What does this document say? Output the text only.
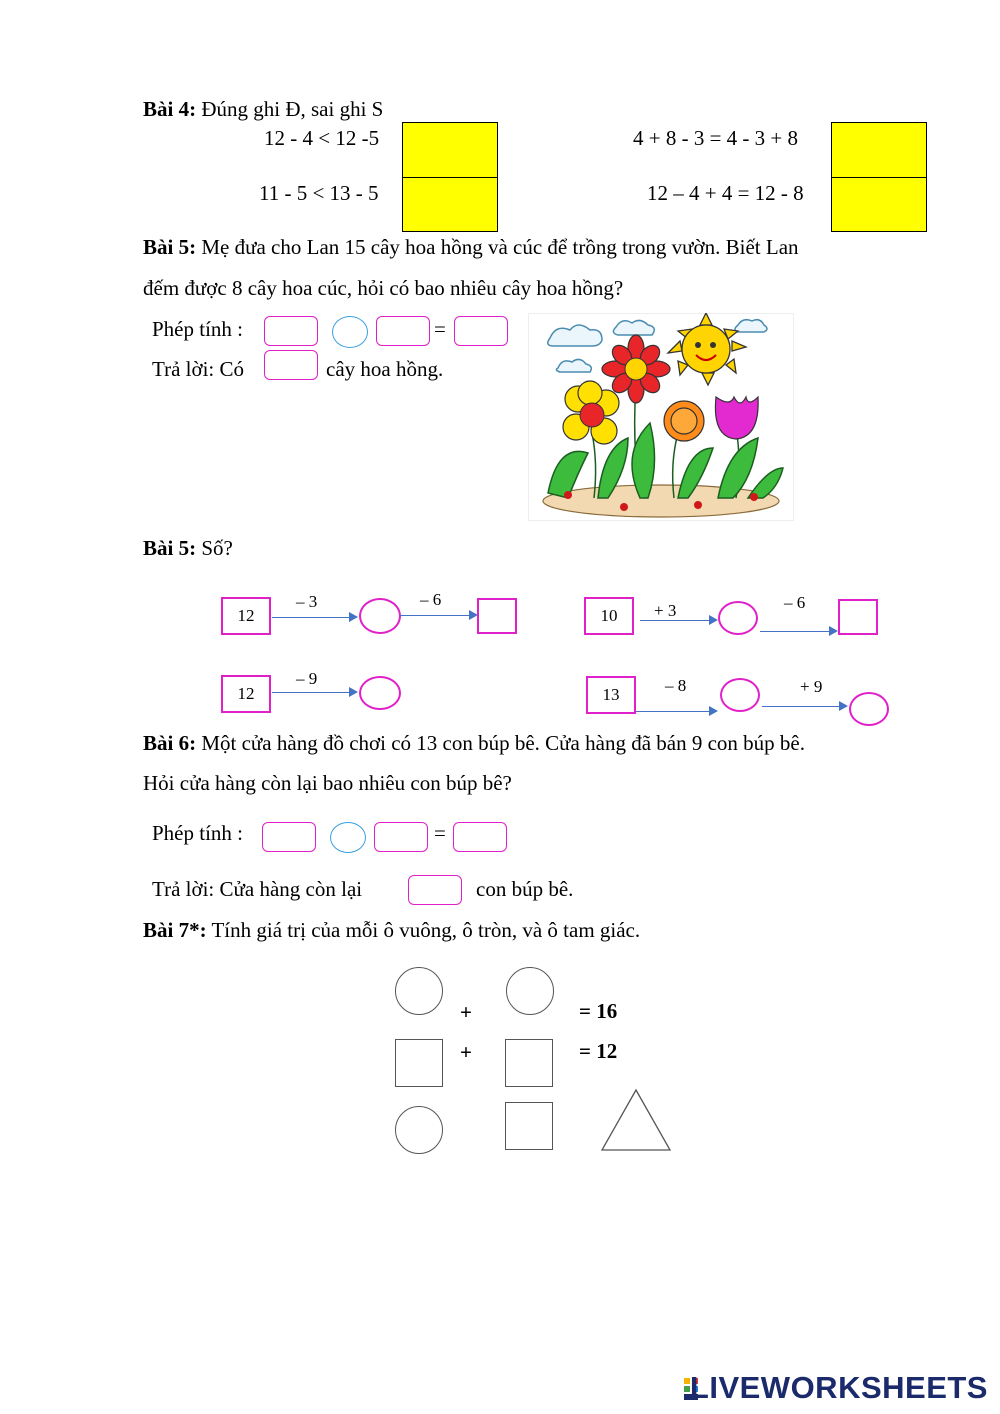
Bài 4: Đúng ghi Đ, sai ghi S
12 - 4 < 12 -5
11 - 5 < 13 - 5
4 + 8 - 3 = 4 - 3 + 8
12 – 4 + 4 = 12 - 8
Bài 5: Mẹ đưa cho Lan 15 cây hoa hồng và cúc để trồng trong vườn. Biết Lan
đếm được 8 cây hoa cúc, hỏi có bao nhiêu cây hoa hồng?
Phép tính :	=
Trả lời: Có	cây hoa hồng.
Bài 5: Số?
12
– 3	– 6
10	+ 3	– 6
12
– 9
13	– 8	+ 9
Bài 6: Một cửa hàng đồ chơi có 13 con búp bê. Cửa hàng đã bán 9 con búp bê.
Hỏi cửa hàng còn lại bao nhiêu con búp bê?
Phép tính :	=
Trả lời: Cửa hàng còn lại	con búp bê.
Bài 7*: Tính giá trị của mỗi ô vuông, ô tròn, và ô tam giác.
+	= 16
+	= 12
LIVEWORKSHEETS
